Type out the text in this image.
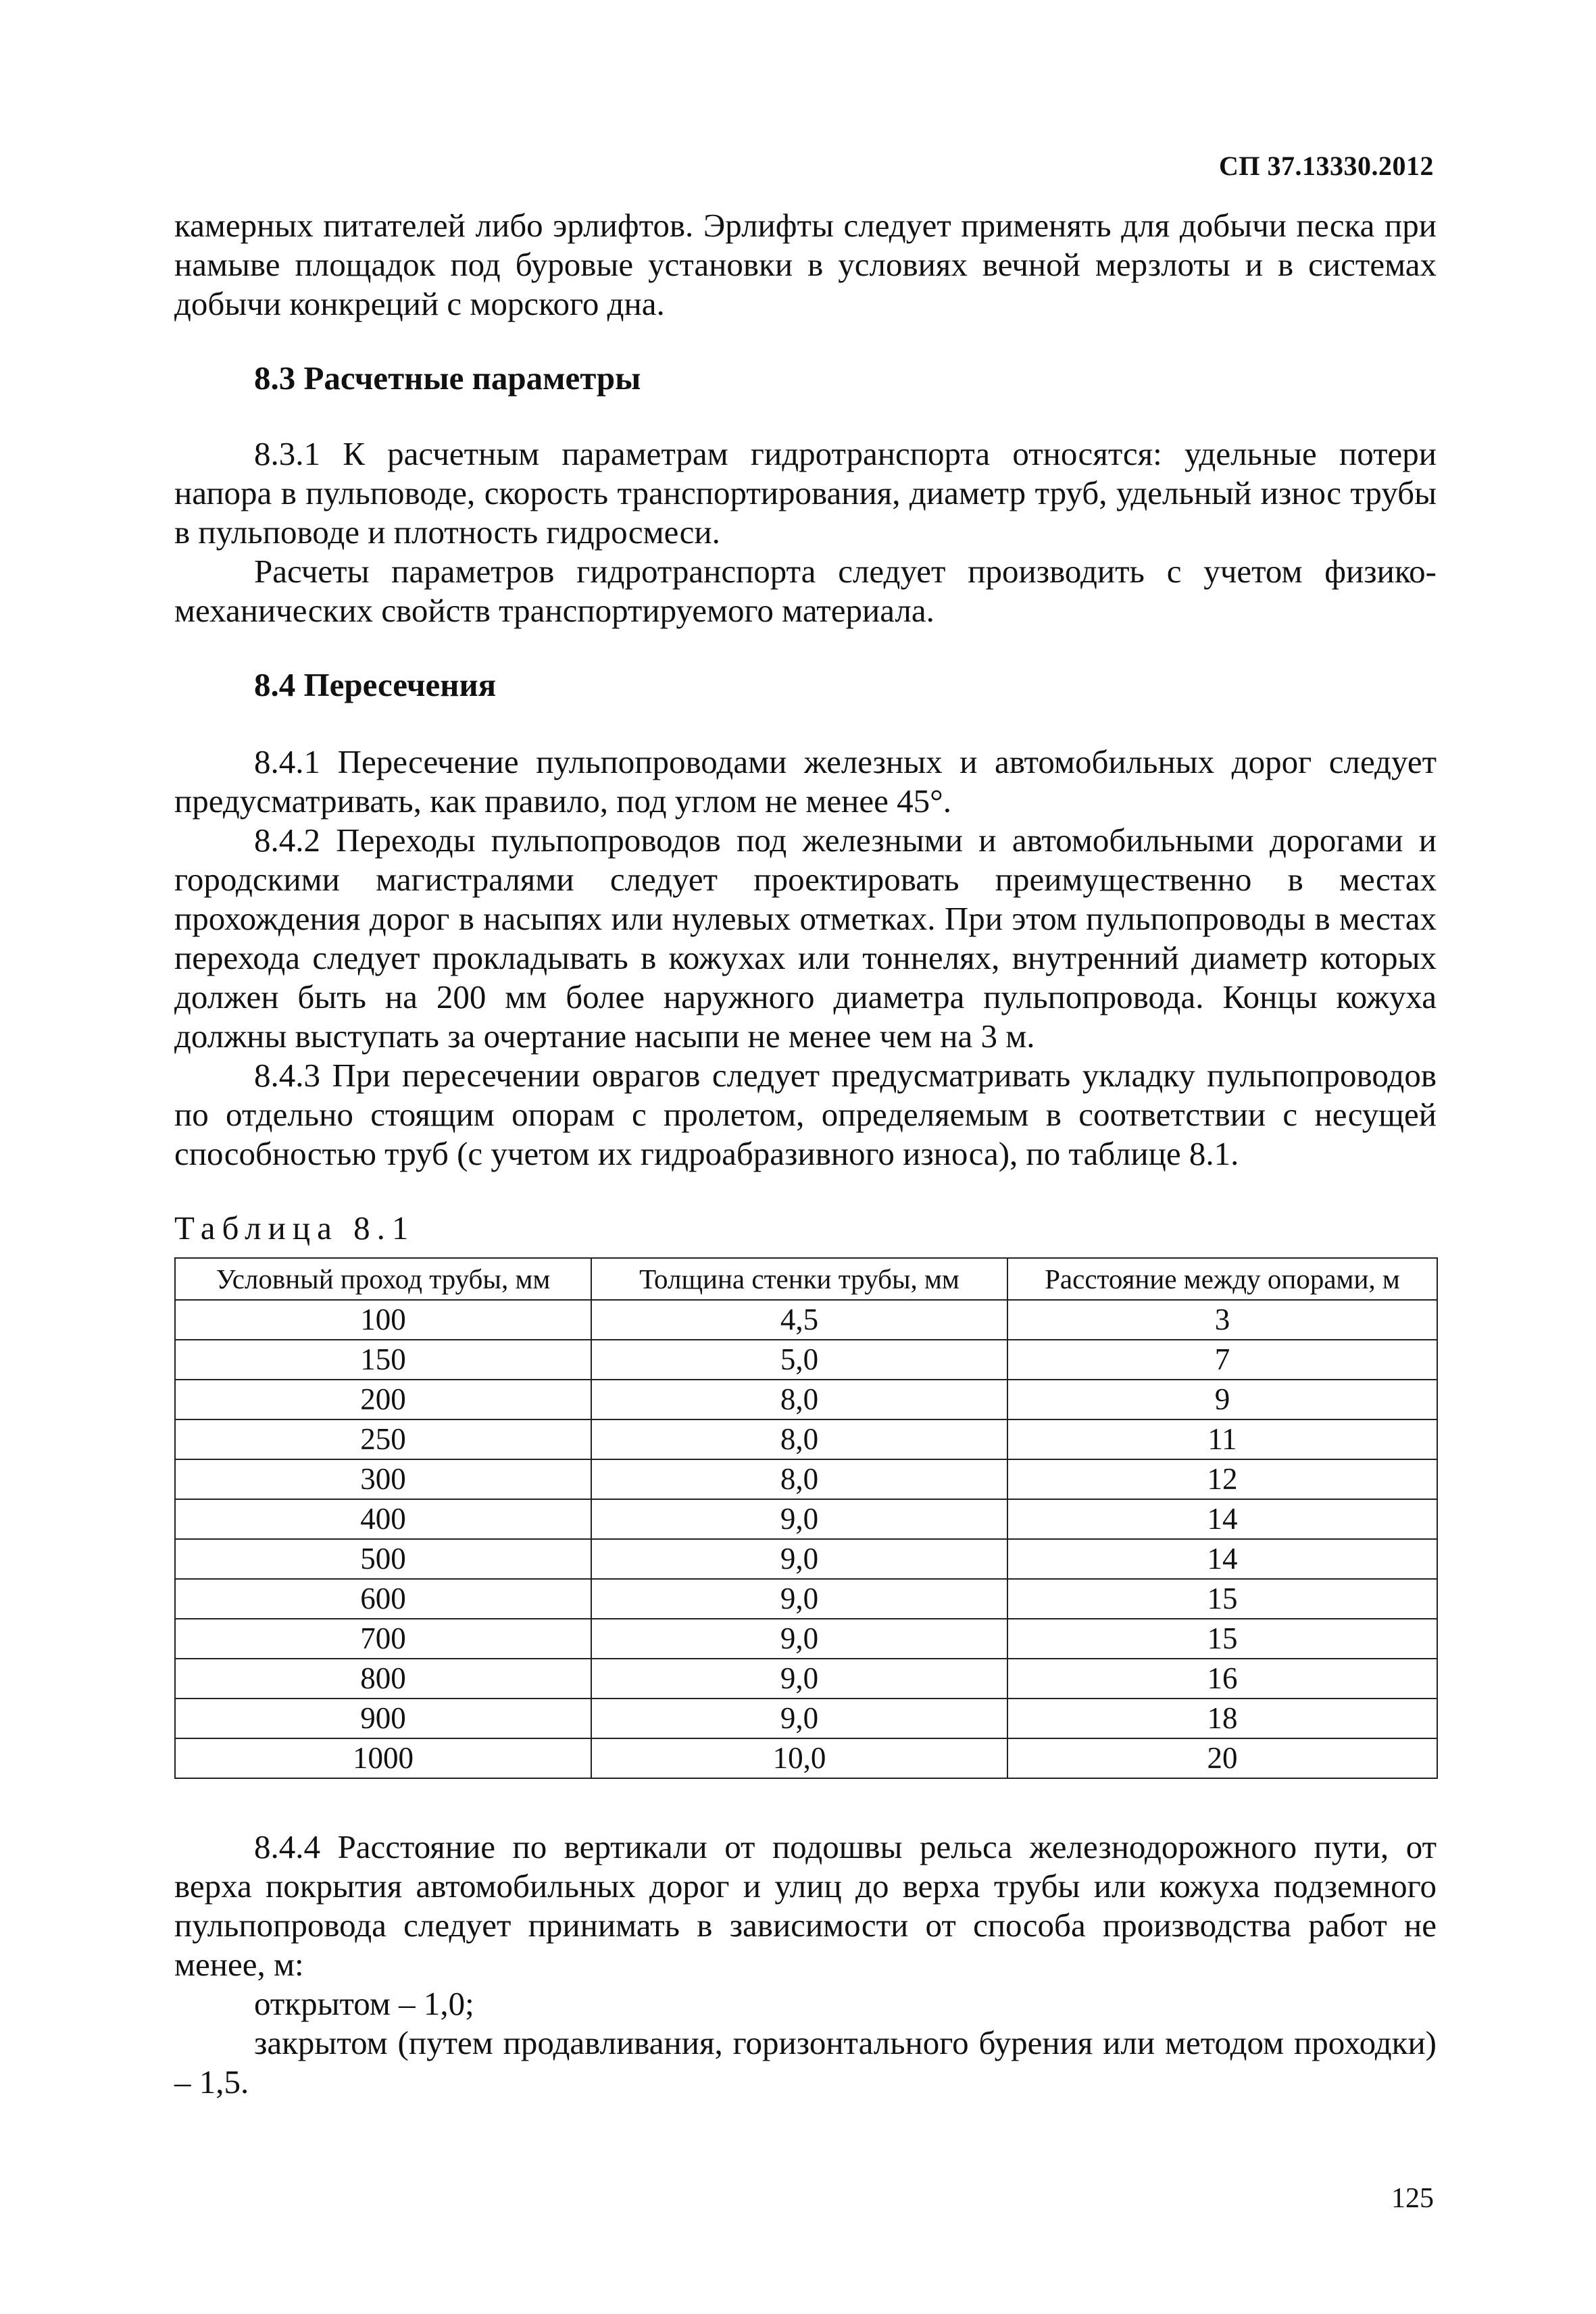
СП 37.13330.2012

камерных питателей либо эрлифтов. Эрлифты следует применять для добычи песка при намыве площадок под буровые установки в условиях вечной мерзлоты и в системах добычи конкреций с морского дна.

8.3 Расчетные параметры

8.3.1 К расчетным параметрам гидротранспорта относятся: удельные потери напора в пульповоде, скорость транспортирования, диаметр труб, удельный износ трубы в пульповоде и плотность гидросмеси.

Расчеты параметров гидротранспорта следует производить с учетом физико-механических свойств транспортируемого материала.

8.4 Пересечения

8.4.1 Пересечение пульпопроводами железных и автомобильных дорог следует предусматривать, как правило, под углом не менее 45°.

8.4.2 Переходы пульпопроводов под железными и автомобильными дорогами и городскими магистралями следует проектировать преимущественно в местах прохождения дорог в насыпях или нулевых отметках. При этом пульпопроводы в местах перехода следует прокладывать в кожухах или тоннелях, внутренний диаметр которых должен быть на 200 мм более наружного диаметра пульпопровода. Концы кожуха должны выступать за очертание насыпи не менее чем на 3 м.

8.4.3 При пересечении оврагов следует предусматривать укладку пульпопроводов по отдельно стоящим опорам с пролетом, определяемым в соответствии с несущей способностью труб (с учетом их гидроабразивного износа), по таблице 8.1.

Таблица 8.1
Условный проход трубы, мм	Толщина стенки трубы, мм	Расстояние между опорами, м
100	4,5	3
150	5,0	7
200	8,0	9
250	8,0	11
300	8,0	12
400	9,0	14
500	9,0	14
600	9,0	15
700	9,0	15
800	9,0	16
900	9,0	18
1000	10,0	20

8.4.4 Расстояние по вертикали от подошвы рельса железнодорожного пути, от верха покрытия автомобильных дорог и улиц до верха трубы или кожуха подземного пульпопровода следует принимать в зависимости от способа производства работ не менее, м:

открытом – 1,0;

закрытом (путем продавливания, горизонтального бурения или методом проходки) – 1,5.

125
